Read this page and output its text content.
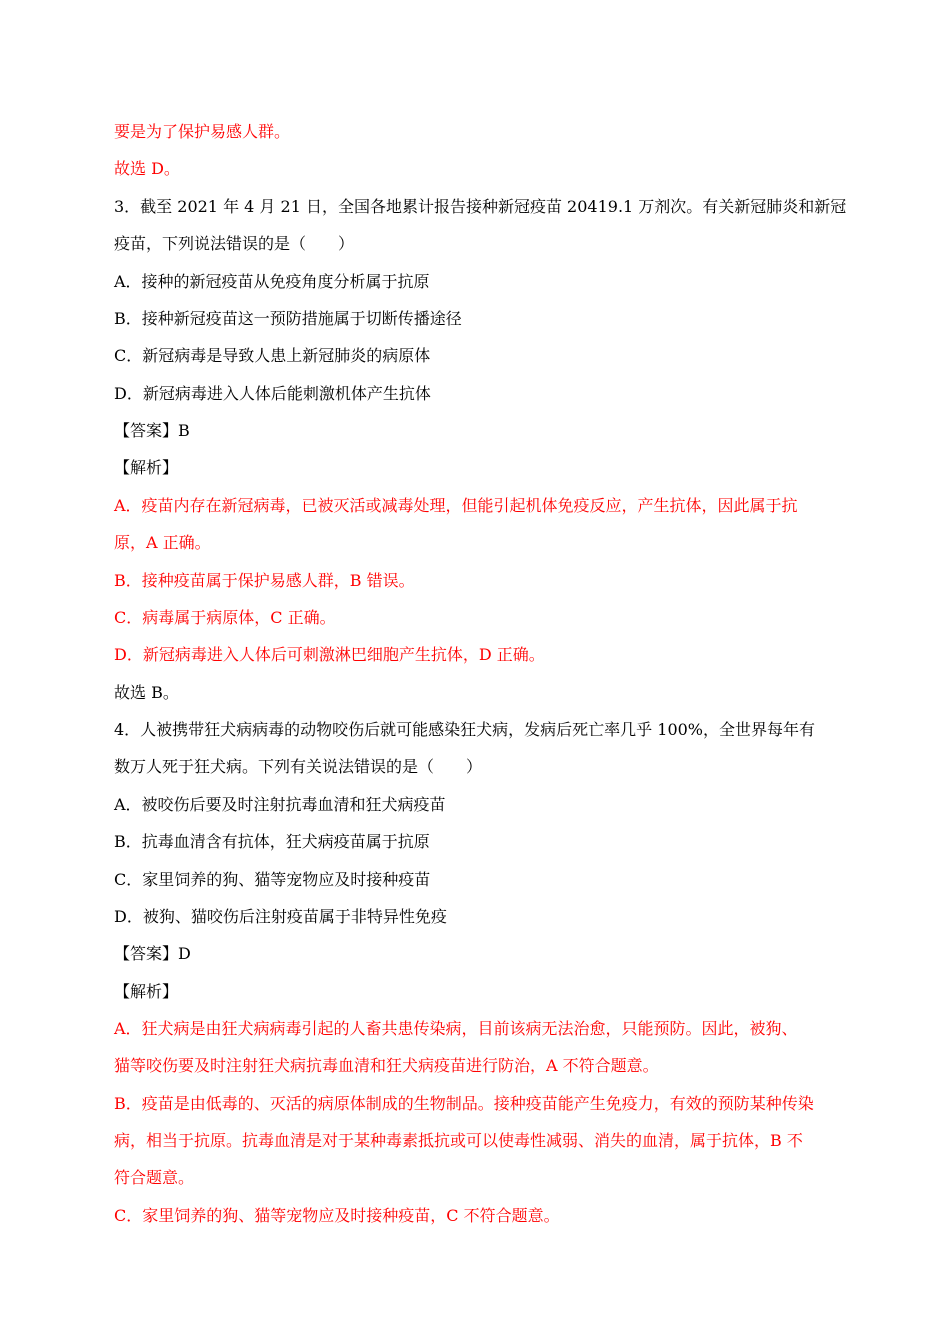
要是为了保护易感人群。
故选 D。
3．截至 2021 年 4 月 21 日，全国各地累计报告接种新冠疫苗 20419.1 万剂次。有关新冠肺炎和新冠
疫苗，下列说法错误的是（　　）
A．接种的新冠疫苗从免疫角度分析属于抗原
B．接种新冠疫苗这一预防措施属于切断传播途径
C．新冠病毒是导致人患上新冠肺炎的病原体
D．新冠病毒进入人体后能刺激机体产生抗体
【答案】B
【解析】
A．疫苗内存在新冠病毒，已被灭活或减毒处理，但能引起机体免疫反应，产生抗体，因此属于抗
原，A 正确。
B．接种疫苗属于保护易感人群，B 错误。
C．病毒属于病原体，C 正确。
D．新冠病毒进入人体后可刺激淋巴细胞产生抗体，D 正确。
故选 B。
4．人被携带狂犬病病毒的动物咬伤后就可能感染狂犬病，发病后死亡率几乎 100%，全世界每年有
数万人死于狂犬病。下列有关说法错误的是（　　）
A．被咬伤后要及时注射抗毒血清和狂犬病疫苗
B．抗毒血清含有抗体，狂犬病疫苗属于抗原
C．家里饲养的狗、猫等宠物应及时接种疫苗
D．被狗、猫咬伤后注射疫苗属于非特异性免疫
【答案】D
【解析】
A．狂犬病是由狂犬病病毒引起的人畜共患传染病，目前该病无法治愈，只能预防。因此，被狗、
猫等咬伤要及时注射狂犬病抗毒血清和狂犬病疫苗进行防治，A 不符合题意。
B．疫苗是由低毒的、灭活的病原体制成的生物制品。接种疫苗能产生免疫力，有效的预防某种传染
病，相当于抗原。抗毒血清是对于某种毒素抵抗或可以使毒性减弱、消失的血清，属于抗体，B 不
符合题意。
C．家里饲养的狗、猫等宠物应及时接种疫苗，C 不符合题意。
